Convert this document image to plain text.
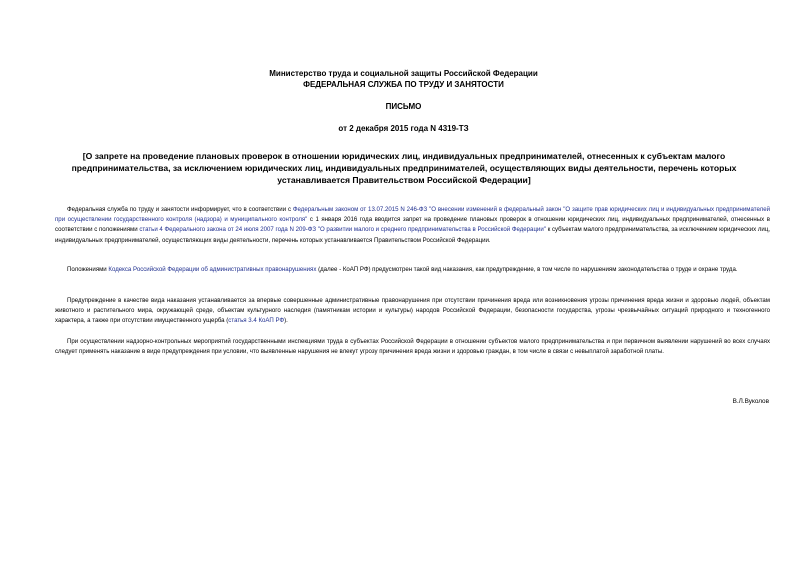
Министерство труда и социальной защиты Российской Федерации

ФЕДЕРАЛЬНАЯ СЛУЖБА ПО ТРУДУ И ЗАНЯТОСТИ

ПИСЬМО

от 2 декабря 2015 года N 4319-ТЗ

[О запрете на проведение плановых проверок в отношении юридических лиц, индивидуальных предпринимателей, отнесенных к субъектам малого предпринимательства, за исключением юридических лиц, индивидуальных предпринимателей, осуществляющих виды деятельности, перечень которых устанавливается Правительством Российской Федерации]

Федеральная служба по труду и занятости информирует, что в соответствии с Федеральным законом от 13.07.2015 N 246-ФЗ "О внесении изменений в федеральный закон "О защите прав юридических лиц и индивидуальных предпринимателей при осуществлении государственного контроля (надзора) и муниципального контроля" с 1 января 2016 года вводится запрет на проведение плановых проверок в отношении юридических лиц, индивидуальных предпринимателей, отнесенных в соответствии с положениями статьи 4 Федерального закона от 24 июля 2007 года N 209-ФЗ "О развитии малого и среднего предпринимательства в Российской Федерации" к субъектам малого предпринимательства, за исключением юридических лиц, индивидуальных предпринимателей, осуществляющих виды деятельности, перечень которых устанавливается Правительством Российской Федерации.

Положениями Кодекса Российской Федерации об административных правонарушениях (далее - КоАП РФ) предусмотрен такой вид наказания, как предупреждение, в том числе по нарушениям законодательства о труде и охране труда.

Предупреждение в качестве вида наказания устанавливается за впервые совершенные административные правонарушения при отсутствии причинения вреда или возникновения угрозы причинения вреда жизни и здоровью людей, объектам животного и растительного мира, окружающей среде, объектам культурного наследия (памятникам истории и культуры) народов Российской Федерации, безопасности государства, угрозы чрезвычайных ситуаций природного и техногенного характера, а также при отсутствии имущественного ущерба (статья 3.4 КоАП РФ).

При осуществлении надзорно-контрольных мероприятий государственными инспекциями труда в субъектах Российской Федерации в отношении субъектов малого предпринимательства и при первичном выявлении нарушений во всех случаях следует применять наказание в виде предупреждения при условии, что выявленные нарушения не влекут угрозу причинения вреда жизни и здоровью граждан, в том числе в связи с невыплатой заработной платы.

В.Л.Вуколов
